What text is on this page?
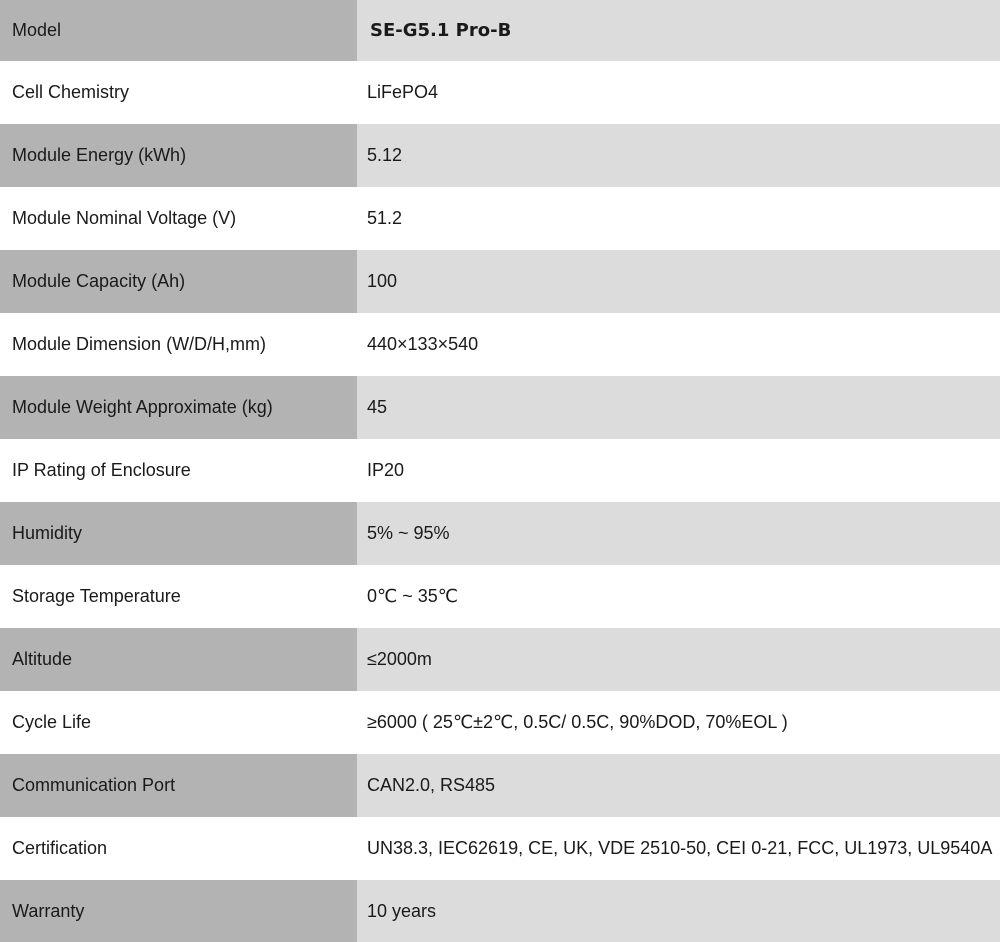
Model	SE-G5.1 Pro-B
Cell Chemistry	LiFePO4
Module Energy (kWh)	5.12
Module Nominal Voltage (V)	51.2
Module Capacity (Ah)	100
Module Dimension (W/D/H,mm)	440×133×540
Module Weight Approximate (kg)	45
IP Rating of Enclosure	IP20
Humidity	5% ~ 95%
Storage Temperature	0℃ ~ 35℃
Altitude	≤2000m
Cycle Life	≥6000 ( 25℃±2℃, 0.5C/ 0.5C, 90%DOD, 70%EOL )
Communication Port	CAN2.0, RS485
Certification	UN38.3, IEC62619, CE, UK, VDE 2510-50, CEI 0-21, FCC, UL1973, UL9540A
Warranty	10 years
